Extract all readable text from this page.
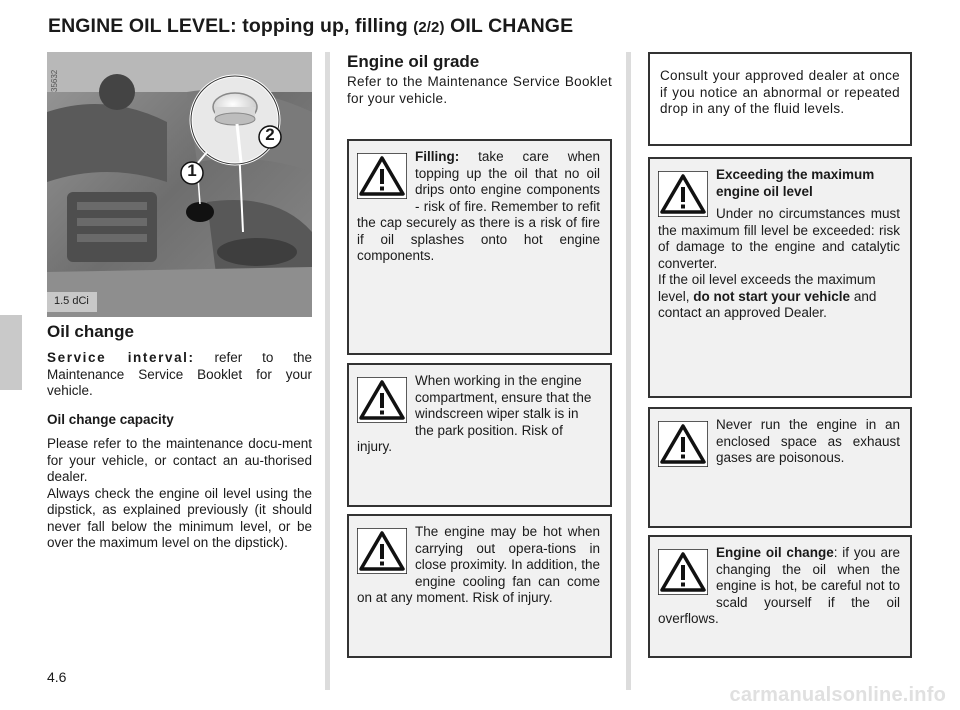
ENGINE OIL LEVEL: topping up, filling (2/2) OIL CHANGE
2
1
1.5 dCi
35632
Oil change

Service interval: refer to the Maintenance Service Booklet for your vehicle.

Oil change capacity

Please refer to the maintenance docu-ment for your vehicle, or contact an au-thorised dealer.

Always check the engine oil level using the dipstick, as explained previously (it should never fall below the minimum level, or be over the maximum level on the dipstick).

Engine oil grade

Refer to the Maintenance Service Booklet for your vehicle.

Consult your approved dealer at once if you notice an abnormal or repeated drop in any of the fluid levels.

Filling: take care when topping up the oil that no oil drips onto engine components - risk of fire. Remember to refit the cap securely as there is a risk of fire if oil splashes onto hot engine components.

When working in the engine compartment, ensure that the windscreen wiper stalk is in the park position. Risk of injury.

The engine may be hot when carrying out opera-tions in close proximity. In addition, the engine cooling fan can come on at any moment. Risk of injury.

Exceeding the maximum engine oil level

Under no circumstances must the maximum fill level be exceeded: risk of damage to the engine and catalytic converter.

If the oil level exceeds the maximum level, do not start your vehicle and contact an approved Dealer.

Never run the engine in an enclosed space as exhaust gases are poisonous.

Engine oil change: if you are changing the oil when the engine is hot, be careful not to scald yourself if the oil overflows.

4.6
carmanualsonline.info
